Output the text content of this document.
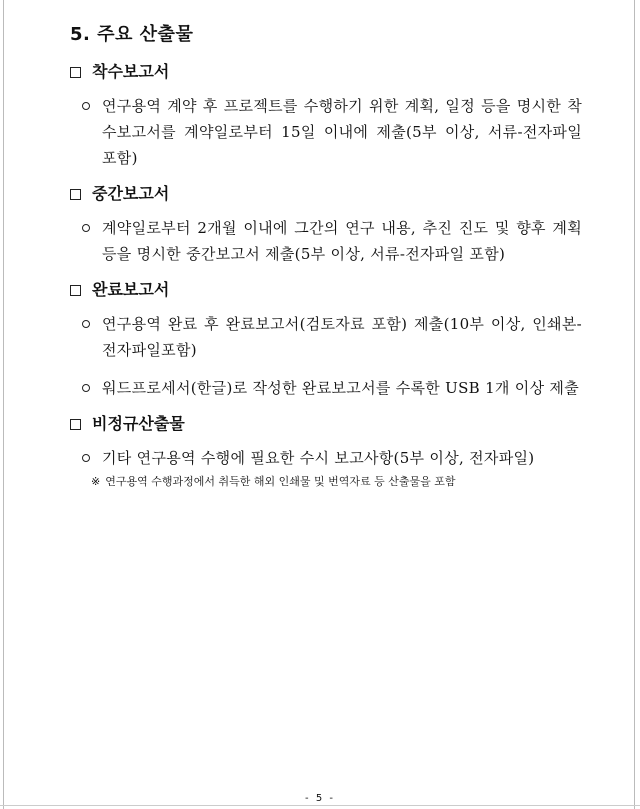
5. 주요 산출물
착수보고서
연구용역 계약 후 프로젝트를 수행하기 위한 계획, 일정 등을 명시한 착수보고서를 계약일로부터 15일 이내에 제출(5부 이상, 서류-전자파일 포함)
중간보고서
계약일로부터 2개월 이내에 그간의 연구 내용, 추진 진도 및 향후 계획 등을 명시한 중간보고서 제출(5부 이상, 서류-전자파일 포함)
완료보고서
연구용역 완료 후 완료보고서(검토자료 포함) 제출(10부 이상, 인쇄본-전자파일포함)
워드프로세서(한글)로 작성한 완료보고서를 수록한 USB 1개 이상 제출
비정규산출물
기타 연구용역 수행에 필요한 수시 보고사항(5부 이상, 전자파일)
※ 연구용역 수행과정에서 취득한 해외 인쇄물 및 번역자료 등 산출물을 포함
- 5 -
